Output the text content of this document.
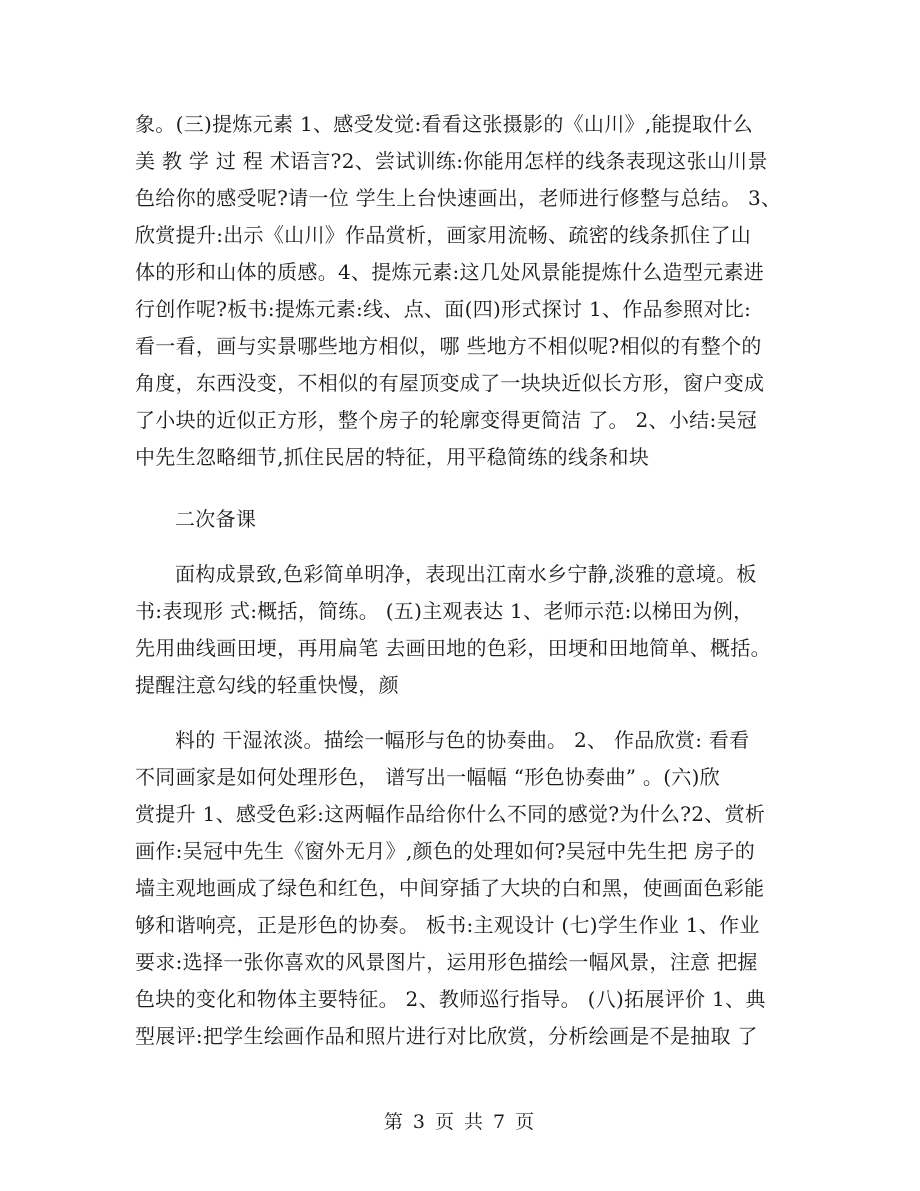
象。(三)提炼元素 1、感受发觉:看看这张摄影的《山川》,能提取什么
美 教 学 过 程 术语言?2、尝试训练:你能用怎样的线条表现这张山川景
色给你的感受呢?请一位 学生上台快速画出，老师进行修整与总结。 3、
欣赏提升:出示《山川》作品赏析，画家用流畅、疏密的线条抓住了山
体的形和山体的质感。4、提炼元素:这几处风景能提炼什么造型元素进
行创作呢?板书:提炼元素:线、点、面(四)形式探讨 1、作品参照对比:
看一看，画与实景哪些地方相似，哪 些地方不相似呢?相似的有整个的
角度，东西没变，不相似的有屋顶变成了一块块近似长方形，窗户变成
了小块的近似正方形，整个房子的轮廓变得更简洁 了。 2、小结:吴冠
中先生忽略细节,抓住民居的特征，用平稳简练的线条和块
二次备课
面构成景致,色彩简单明净，表现出江南水乡宁静,淡雅的意境。板
书:表现形 式:概括，简练。 (五)主观表达 1、老师示范:以梯田为例，
先用曲线画田埂，再用扁笔 去画田地的色彩，田埂和田地简单、概括。
提醒注意勾线的轻重快慢，颜
料的 干湿浓淡。描绘一幅形与色的协奏曲。 2、 作品欣赏: 看看
不同画家是如何处理形色， 谱写出一幅幅 “形色协奏曲” 。(六)欣
赏提升 1、感受色彩:这两幅作品给你什么不同的感觉?为什么?2、赏析
画作:吴冠中先生《窗外无月》,颜色的处理如何?吴冠中先生把 房子的
墙主观地画成了绿色和红色，中间穿插了大块的白和黑，使画面色彩能
够和谐响亮，正是形色的协奏。 板书:主观设计 (七)学生作业 1、作业
要求:选择一张你喜欢的风景图片，运用形色描绘一幅风景，注意 把握
色块的变化和物体主要特征。 2、教师巡行指导。 (八)拓展评价 1、典
型展评:把学生绘画作品和照片进行对比欣赏，分析绘画是不是抽取 了
第 3 页 共 7 页
